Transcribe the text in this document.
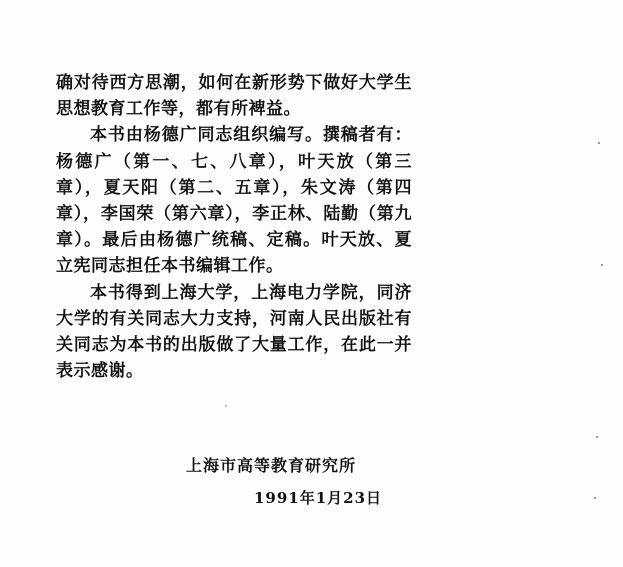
确对待西方思潮，如何在新形势下做好大学生思想教育工作等，都有所裨益。

本书由杨德广同志组织编写。撰稿者有：杨德广（第一、七、八章），叶天放（第三章），夏天阳（第二、五章），朱文涛（第四章），李国荣（第六章），李正林、陆勤（第九章）。最后由杨德广统稿、定稿。叶天放、夏立宪同志担任本书编辑工作。

本书得到上海大学，上海电力学院，同济大学的有关同志大力支持，河南人民出版社有关同志为本书的出版做了大量工作，在此一并表示感谢。

上海市高等教育研究所

1991年1月23日
